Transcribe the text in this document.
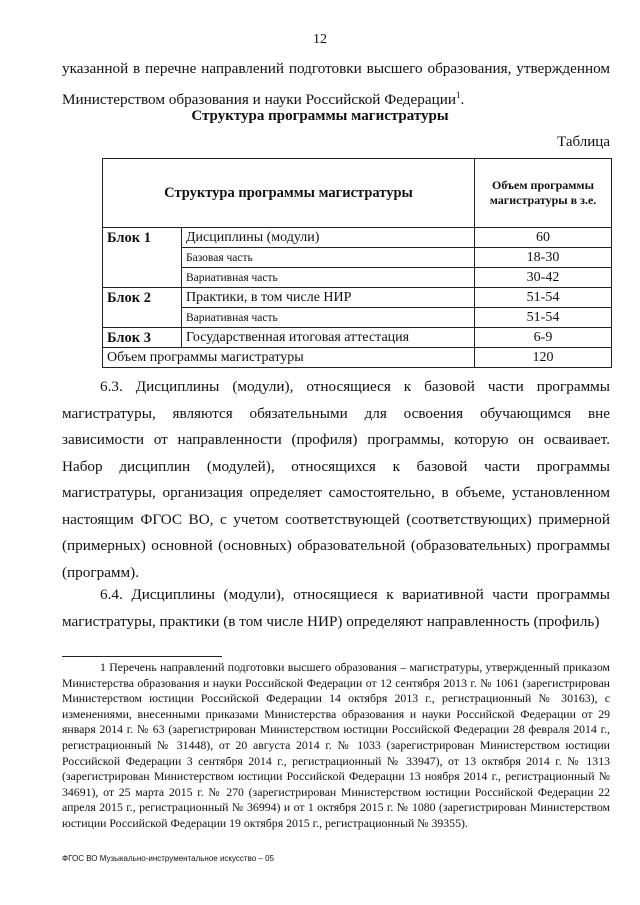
12

указанной в перечне направлений подготовки высшего образования, утвержденном

Министерством образования и науки Российской Федерации$^1$.

Структура программы магистратуры
Таблица
Структура программы магистратуры		Объем программы магистратуры в з.е.
Блок 1	Дисциплины (модули)	60
	Базовая часть	18-30
	Вариативная часть	30-42
Блок 2	Практики, в том числе НИР	51-54
	Вариативная часть	51-54
Блок 3	Государственная итоговая аттестация	6-9
Объем программы магистратуры		120

6.3. Дисциплины (модули), относящиеся к базовой части программы магистратуры, являются обязательными для освоения обучающимся вне зависимости от направленности (профиля) программы, которую он осваивает. Набор дисциплин (модулей), относящихся к базовой части программы магистратуры, организация определяет самостоятельно, в объеме, установленном настоящим ФГОС ВО, с учетом соответствующей (соответствующих) примерной (примерных) основной (основных) образовательной (образовательных) программы (программ).

6.4. Дисциплины (модули), относящиеся к вариативной части программы магистратуры, практики (в том числе НИР) определяют направленность (профиль)

1 Перечень направлений подготовки высшего образования – магистратуры, утвержденный приказом Министерства образования и науки Российской Федерации от 12 сентября 2013 г. № 1061 (зарегистрирован Министерством юстиции Российской Федерации 14 октября 2013 г., регистрационный № 30163), с изменениями, внесенными приказами Министерства образования и науки Российской Федерации от 29 января 2014 г. № 63 (зарегистрирован Министерством юстиции Российской Федерации 28 февраля 2014 г., регистрационный № 31448), от 20 августа 2014 г. № 1033 (зарегистрирован Министерством юстиции Российской Федерации 3 сентября 2014 г., регистрационный № 33947), от 13 октября 2014 г. № 1313 (зарегистрирован Министерством юстиции Российской Федерации 13 ноября 2014 г., регистрационный № 34691), от 25 марта 2015 г. № 270 (зарегистрирован Министерством юстиции Российской Федерации 22 апреля 2015 г., регистрационный № 36994) и от 1 октября 2015 г. № 1080 (зарегистрирован Министерством юстиции Российской Федерации 19 октября 2015 г., регистрационный № 39355).

ФГОС ВО Музыкально-инструментальное искусство – 05
